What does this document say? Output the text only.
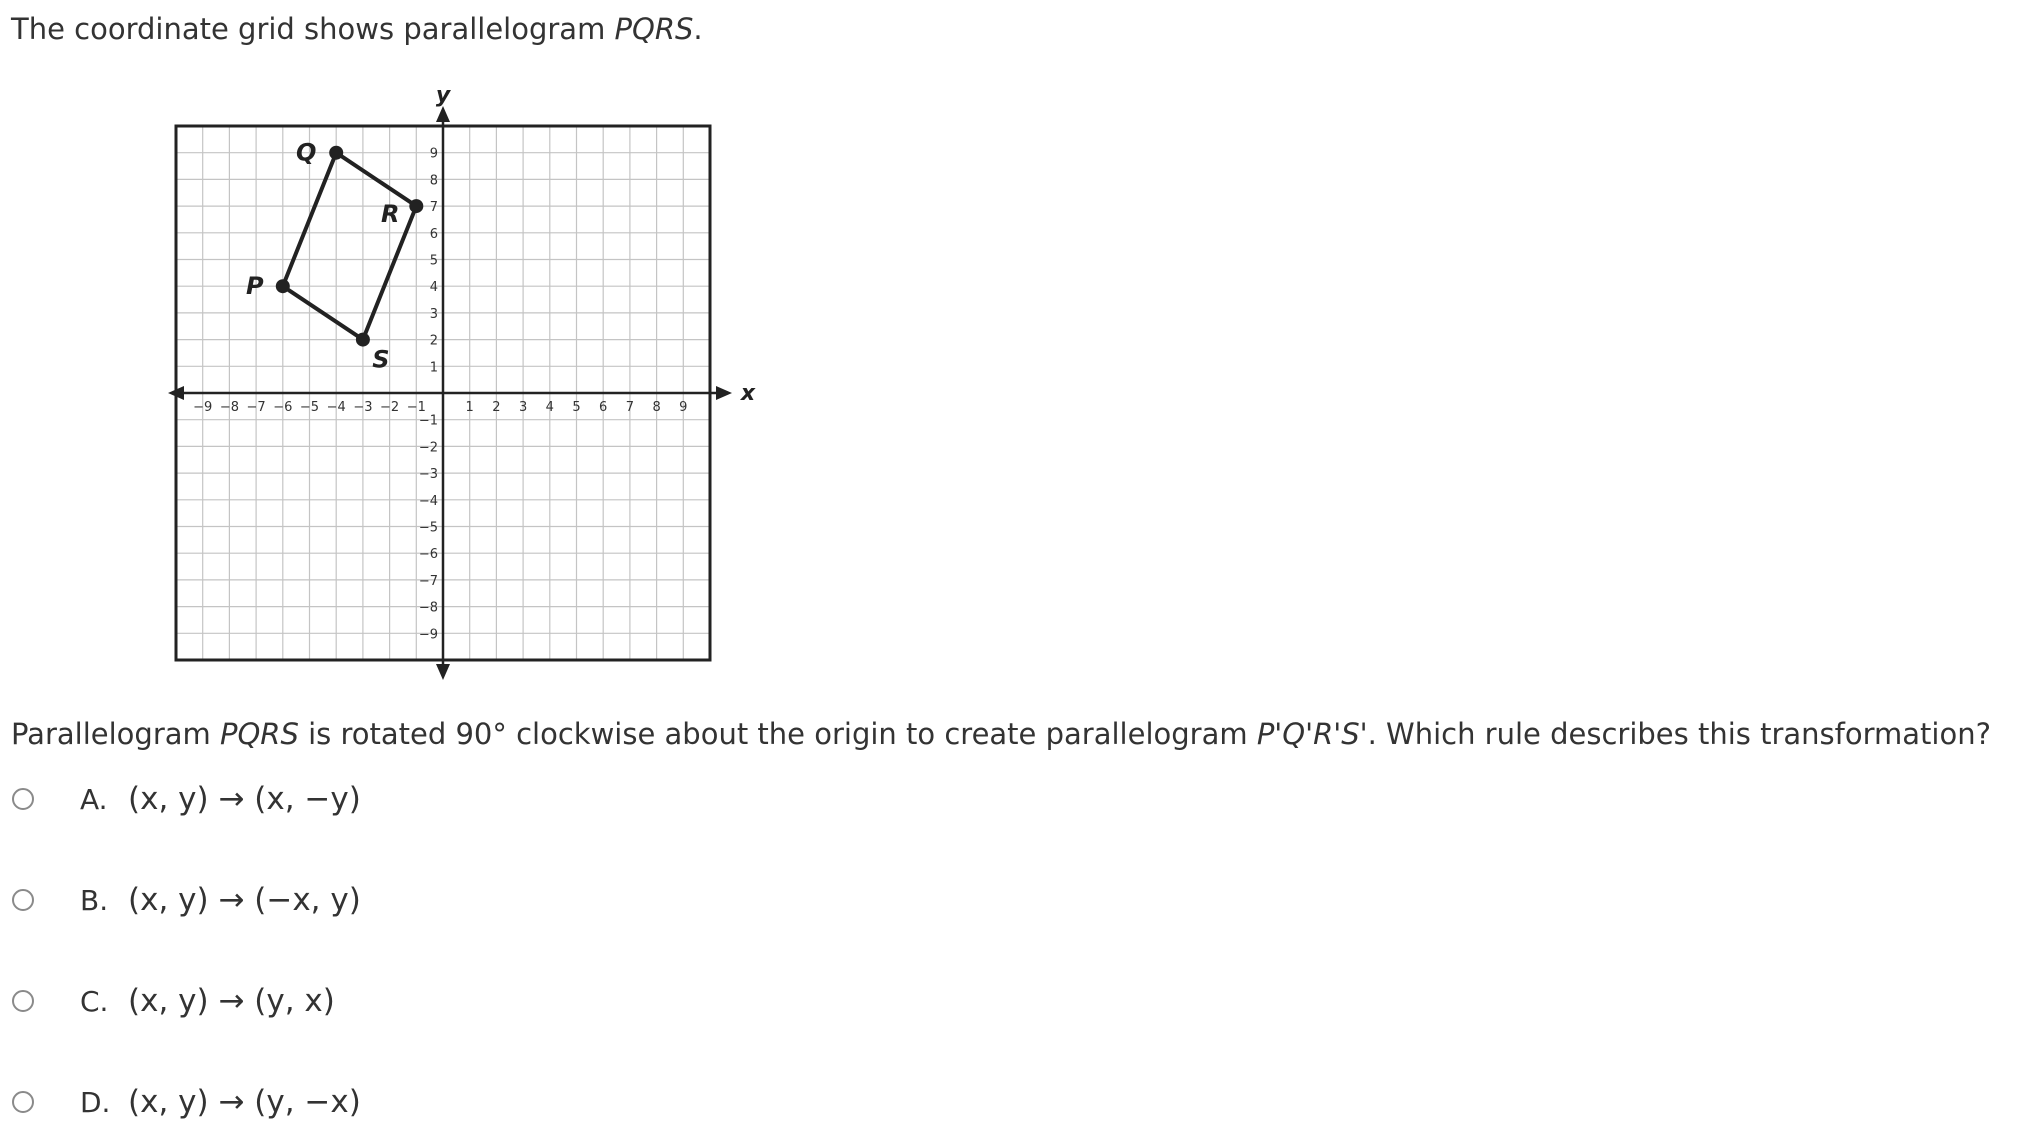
The coordinate grid shows parallelogram PQRS.

−9 −8 −7 −6 −5 −4 −3 −2 −1	1 2 3 4 5 6 7 8 9
−9
−8
−7
−6
−5
−4
−3
−2
−1
1
2
3
4
5
6
7
8
9
P
Q
R
S
x
y

Parallelogram PQRS is rotated 90° clockwise about the origin to create parallelogram P'Q'R'S'. Which rule describes this transformation?

A. (x, y) → (x, −y)
B. (x, y) → (−x, y)
C. (x, y) → (y, x)
D. (x, y) → (y, −x)
